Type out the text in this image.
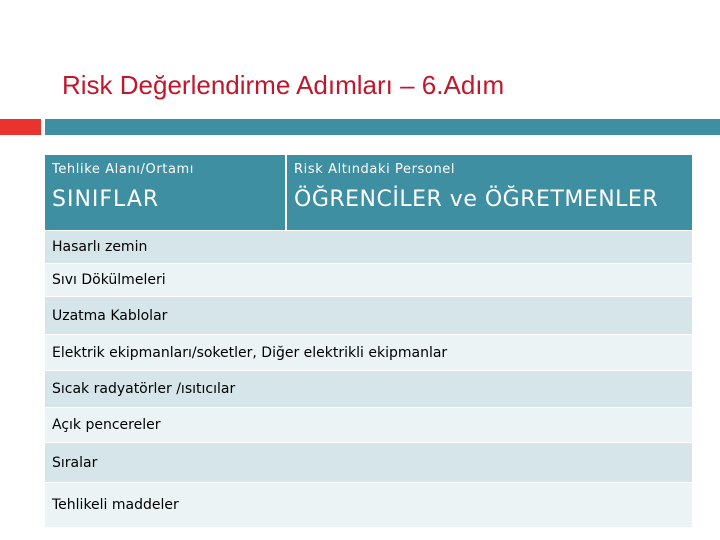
Risk Değerlendirme Adımları – 6.Adım
Tehlike Alanı/Ortamı
SINIFLAR

Risk Altındaki Personel
ÖĞRENCİLER ve ÖĞRETMENLER

Hasarlı zemin
Sıvı Dökülmeleri
Uzatma Kablolar
Elektrik ekipmanları/soketler, Diğer elektrikli ekipmanlar
Sıcak radyatörler /ısıtıcılar
Açık pencereler
Sıralar
Tehlikeli maddeler
